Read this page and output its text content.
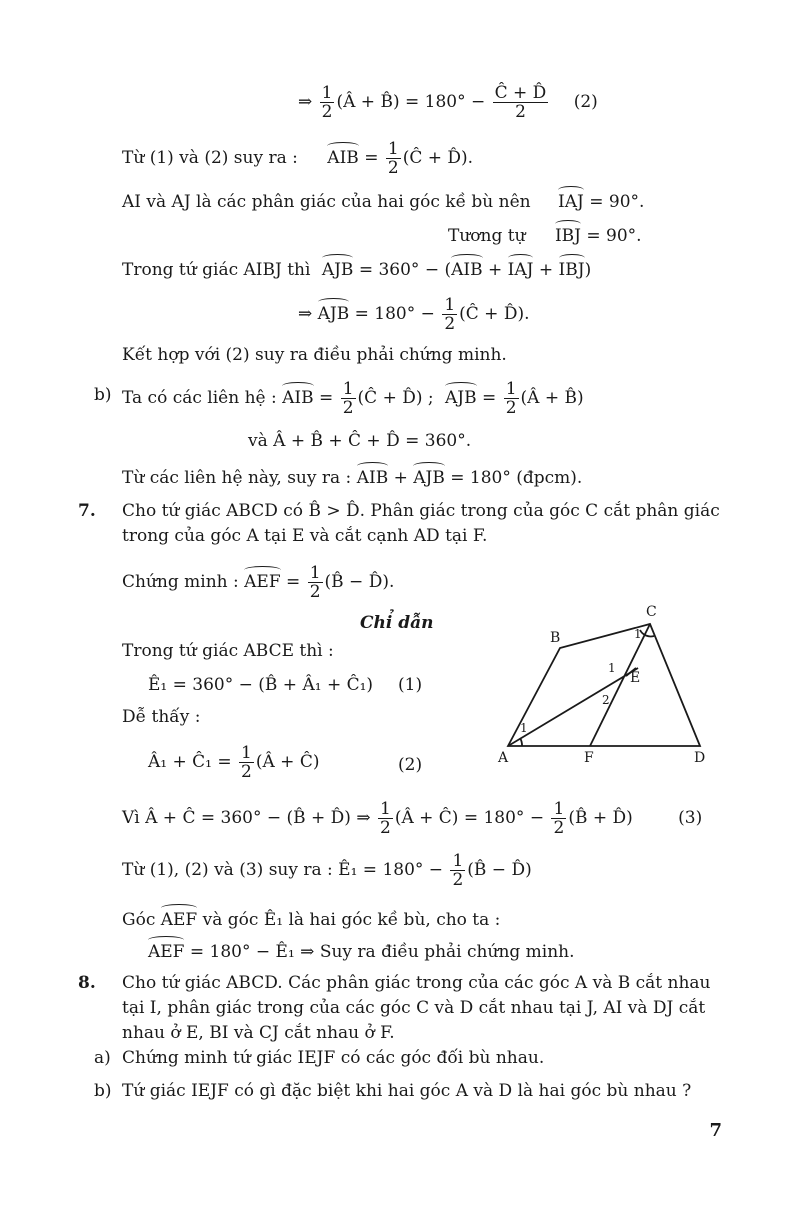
⇒ $\frac{1}{2}$ (Â + B̂) = $180^\circ - \frac{Ĉ + D̂}{2} (2)$
Từ (1) và (2) suy ra : AIB = $\frac{1}{2}$ (Ĉ + D̂).
AI và AJ là các phân giác của hai góc kề bù nên IAJ = 90°.
Tương tự IBJ = 90°.
Trong tứ giác AIBJ thì AJB = 360° − (AIB + IAJ + IBJ)
⇒ AJB = $180^\circ - \frac{1}{2}$ (Ĉ + D̂).
Kết hợp với (2) suy ra điều phải chứng minh.
b) Ta có các liên hệ : AIB = $\frac{1}{2}$ (Ĉ + D̂) ; AJB = $\frac{1}{2}$ (Â + B̂)
và Â + B̂ + Ĉ + D̂ = 360°.
Từ các liên hệ này, suy ra : AIB + AJB = 180° (đpcm).
7. Cho tứ giác ABCD có B̂ > D̂. Phân giác trong của góc C cắt phân giác
trong của góc A tại E và cắt cạnh AD tại F.
Chứng minh : AEF = $\frac{1}{2}$ (B̂ − D̂).
Chỉ dẫn
Trong tứ giác ABCE thì :
Ê₁ = 360° − (B̂ + Â₁ + Ĉ₁) (1)
Dễ thấy :
Â₁ + Ĉ₁ = $\frac{1}{2}$ (Â + Ĉ)	(2)	A
B
C
D
E
F
1
1
1
2
Vì Â + Ĉ = 360° − (B̂ + D̂) ⇒ $\frac{1}{2}$ (Â + Ĉ) = $180^\circ - \frac{1}{2}$ (B̂ + D̂)	(3)
Từ (1), (2) và (3) suy ra : Ê₁ = $180^\circ - \frac{1}{2}$ (B̂ − D̂)
Góc AEF và góc Ê₁ là hai góc kề bù, cho ta :
AEF = 180° − Ê₁ ⇒ Suy ra điều phải chứng minh.
8. Cho tứ giác ABCD. Các phân giác trong của các góc A và B cắt nhau
tại I, phân giác trong của các góc C và D cắt nhau tại J, AI và DJ cắt
nhau ở E, BI và CJ cắt nhau ở F.
a) Chứng minh tứ giác IEJF có các góc đối bù nhau.
b) Tứ giác IEJF có gì đặc biệt khi hai góc A và D là hai góc bù nhau ?
7
